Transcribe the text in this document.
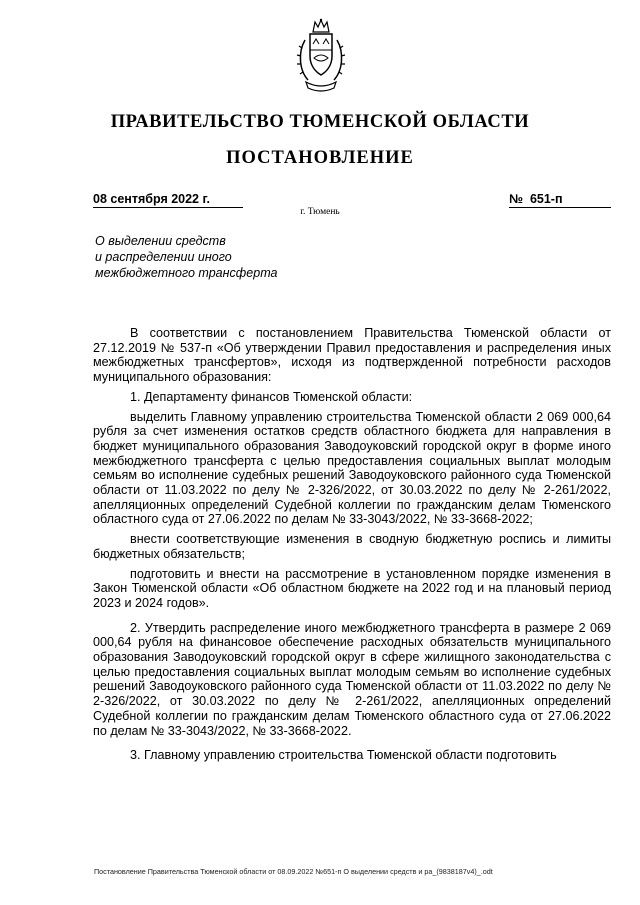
ПРАВИТЕЛЬСТВО ТЮМЕНСКОЙ ОБЛАСТИ
ПОСТАНОВЛЕНИЕ
08 сентября 2022 г.	№ 651-п
г. Тюмень
О выделении средств
и распределении иного
межбюджетного трансферта

В соответствии с постановлением Правительства Тюменской области от 27.12.2019 № 537-п «Об утверждении Правил предоставления и распределения иных межбюджетных трансфертов», исходя из подтвержденной потребности расходов муниципального образования:

1. Департаменту финансов Тюменской области:

выделить Главному управлению строительства Тюменской области 2 069 000,64 рубля за счет изменения остатков средств областного бюджета для направления в бюджет муниципального образования Заводоуковский городской округ в форме иного межбюджетного трансферта с целью предоставления социальных выплат молодым семьям во исполнение судебных решений Заводоуковского районного суда Тюменской области от 11.03.2022 по делу № 2-326/2022, от 30.03.2022 по делу № 2-261/2022, апелляционных определений Судебной коллегии по гражданским делам Тюменского областного суда от 27.06.2022 по делам № 33-3043/2022, № 33-3668-2022;

внести соответствующие изменения в сводную бюджетную роспись и лимиты бюджетных обязательств;

подготовить и внести на рассмотрение в установленном порядке изменения в Закон Тюменской области «Об областном бюджете на 2022 год и на плановый период 2023 и 2024 годов».

2. Утвердить распределение иного межбюджетного трансферта в размере 2 069 000,64 рубля на финансовое обеспечение расходных обязательств муниципального образования Заводоуковский городской округ в сфере жилищного законодательства с целью предоставления социальных выплат молодым семьям во исполнение судебных решений Заводоуковского районного суда Тюменской области от 11.03.2022 по делу № 2-326/2022, от 30.03.2022 по делу № 2-261/2022, апелляционных определений Судебной коллегии по гражданским делам Тюменского областного суда от 27.06.2022 по делам № 33-3043/2022, № 33-3668-2022.

3. Главному управлению строительства Тюменской области подготовить

Постановление Правительства Тюменской области от 08.09.2022 №651-п О выделении средств и ра_(9838187v4)_.odt
